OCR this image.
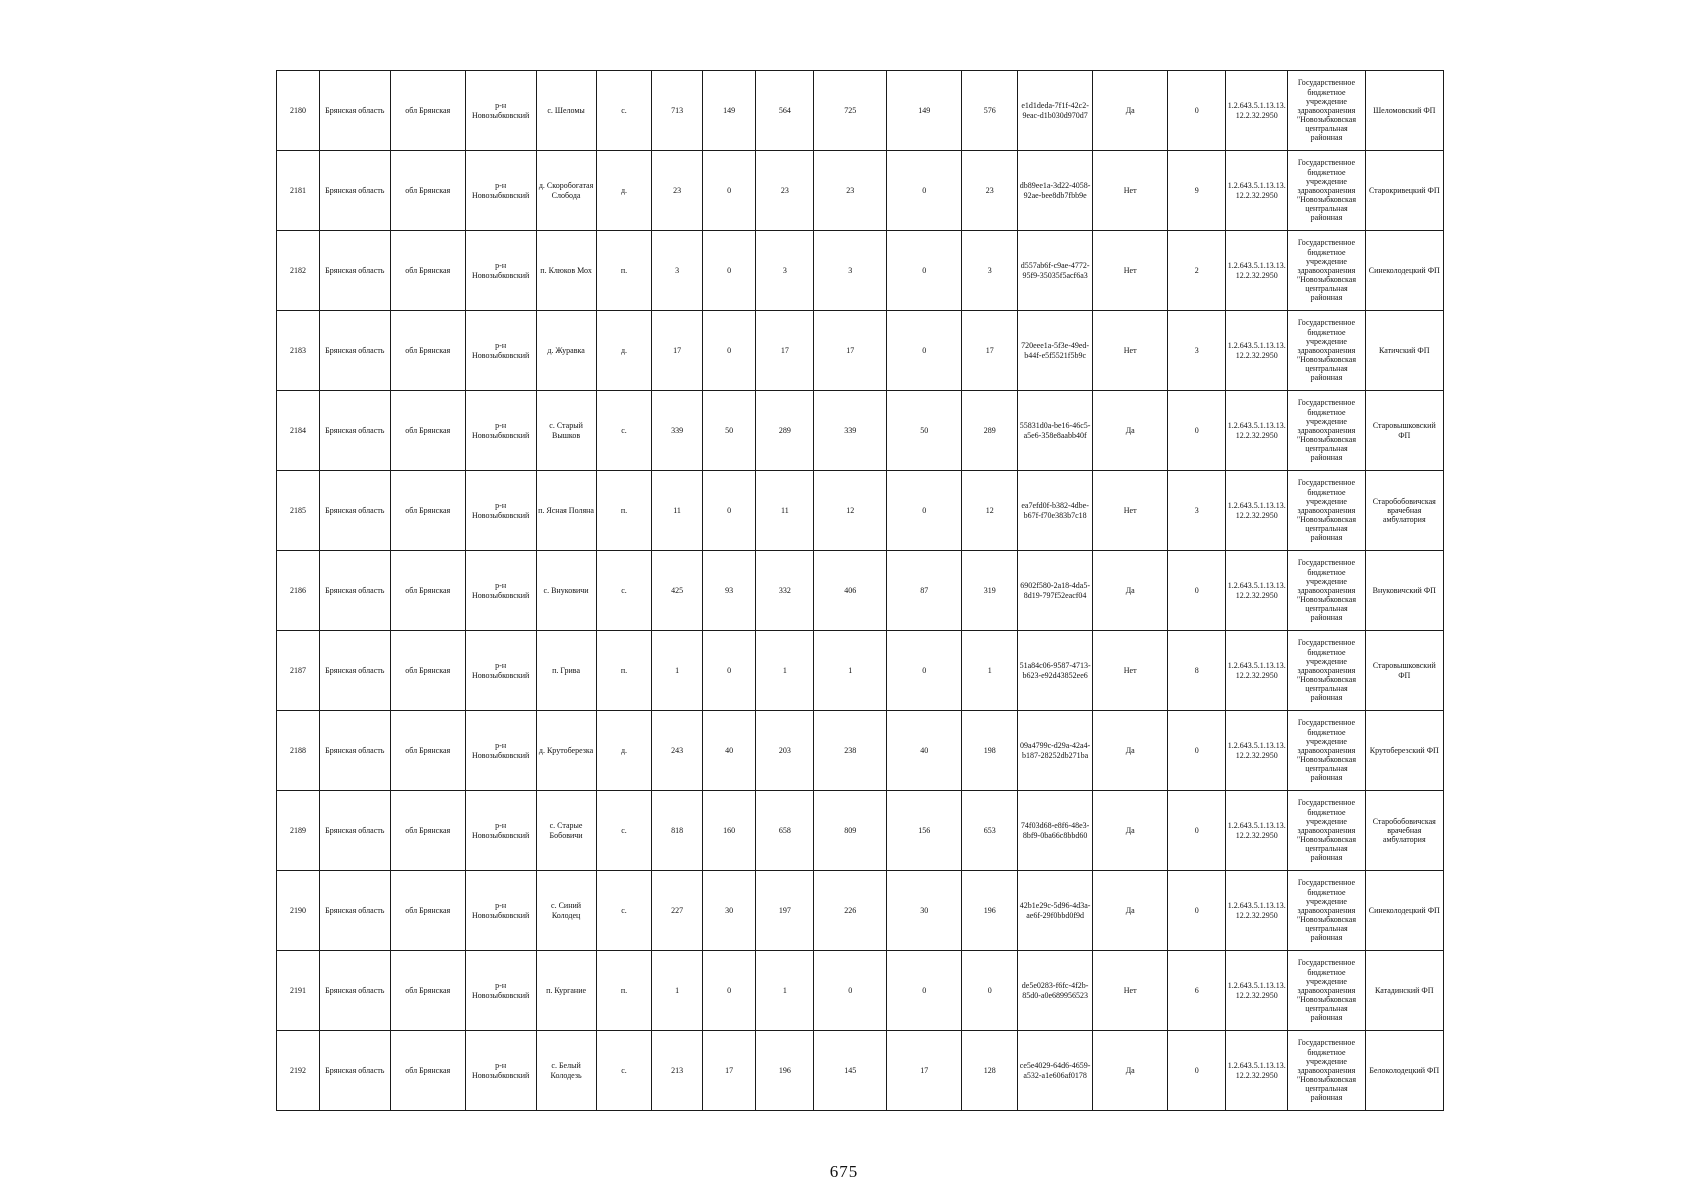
2180	Брянская область	обл Брянская	р-н Новозыбковский	с. Шеломы	с.	713	149	564	725	149	576	e1d1deda-7f1f-42c2-9eac-d1b030d970d7	Да	0	1.2.643.5.1.13.13.12.2.32.2950	Государственное бюджетное учреждение здравоохранения "Новозыбковская центральная районная	Шеломовский ФП
2181	Брянская область	обл Брянская	р-н Новозыбковский	д. Скоробогатая Слобода	д.	23	0	23	23	0	23	db89ee1a-3d22-4058-92ae-bee8db7fbb9e	Нет	9	1.2.643.5.1.13.13.12.2.32.2950	Государственное бюджетное учреждение здравоохранения "Новозыбковская центральная районная	Старокривецкий ФП
2182	Брянская область	обл Брянская	р-н Новозыбковский	п. Клюков Мох	п.	3	0	3	3	0	3	d557ab6f-c9ae-4772-95f9-35035f5acf6a3	Нет	2	1.2.643.5.1.13.13.12.2.32.2950	Государственное бюджетное учреждение здравоохранения "Новозыбковская центральная районная	Синеколодецкий ФП
2183	Брянская область	обл Брянская	р-н Новозыбковский	д. Журавка	д.	17	0	17	17	0	17	720eee1a-5f3e-49ed-b44f-e5f5521f5b9c	Нет	3	1.2.643.5.1.13.13.12.2.32.2950	Государственное бюджетное учреждение здравоохранения "Новозыбковская центральная районная	Катичский ФП
2184	Брянская область	обл Брянская	р-н Новозыбковский	с. Старый Вышков	с.	339	50	289	339	50	289	55831d0a-be16-46c5-a5e6-358e8aabb40f	Да	0	1.2.643.5.1.13.13.12.2.32.2950	Государственное бюджетное учреждение здравоохранения "Новозыбковская центральная районная	Старовышковский ФП
2185	Брянская область	обл Брянская	р-н Новозыбковский	п. Ясная Поляна	п.	11	0	11	12	0	12	ea7efd0f-b382-4dbe-b67f-f70e383b7c18	Нет	3	1.2.643.5.1.13.13.12.2.32.2950	Государственное бюджетное учреждение здравоохранения "Новозыбковская центральная районная	Старобобовичская врачебная амбулатория
2186	Брянская область	обл Брянская	р-н Новозыбковский	с. Внуковичи	с.	425	93	332	406	87	319	6902f580-2a18-4da5-8d19-797f52eacf04	Да	0	1.2.643.5.1.13.13.12.2.32.2950	Государственное бюджетное учреждение здравоохранения "Новозыбковская центральная районная	Внуковичский ФП
2187	Брянская область	обл Брянская	р-н Новозыбковский	п. Грива	п.	1	0	1	1	0	1	51a84c06-9587-4713-b623-e92d43852ee6	Нет	8	1.2.643.5.1.13.13.12.2.32.2950	Государственное бюджетное учреждение здравоохранения "Новозыбковская центральная районная	Старовышковский ФП
2188	Брянская область	обл Брянская	р-н Новозыбковский	д. Крутоберезка	д.	243	40	203	238	40	198	09a4799c-d29a-42a4-b187-28252db271ba	Да	0	1.2.643.5.1.13.13.12.2.32.2950	Государственное бюджетное учреждение здравоохранения "Новозыбковская центральная районная	Крутоберезский ФП
2189	Брянская область	обл Брянская	р-н Новозыбковский	с. Старые Бобовичи	с.	818	160	658	809	156	653	74f03d68-e8f6-48e3-8bf9-0ba66c8bbd60	Да	0	1.2.643.5.1.13.13.12.2.32.2950	Государственное бюджетное учреждение здравоохранения "Новозыбковская центральная районная	Старобобовичская врачебная амбулатория
2190	Брянская область	обл Брянская	р-н Новозыбковский	с. Синий Колодец	с.	227	30	197	226	30	196	42b1e29c-5d96-4d3a-ae6f-29f0bbd0f9d	Да	0	1.2.643.5.1.13.13.12.2.32.2950	Государственное бюджетное учреждение здравоохранения "Новозыбковская центральная районная	Синеколодецкий ФП
2191	Брянская область	обл Брянская	р-н Новозыбковский	п. Кургание	п.	1	0	1	0	0	0	de5e0283-f6fc-4f2b-85d0-a0e689956523	Нет	6	1.2.643.5.1.13.13.12.2.32.2950	Государственное бюджетное учреждение здравоохранения "Новозыбковская центральная районная	Катадинский ФП
2192	Брянская область	обл Брянская	р-н Новозыбковский	с. Белый Колодезь	с.	213	17	196	145	17	128	ce5e4029-64d6-4659-a532-a1e606af0178	Да	0	1.2.643.5.1.13.13.12.2.32.2950	Государственное бюджетное учреждение здравоохранения "Новозыбковская центральная районная	Белоколодецкий ФП
675
